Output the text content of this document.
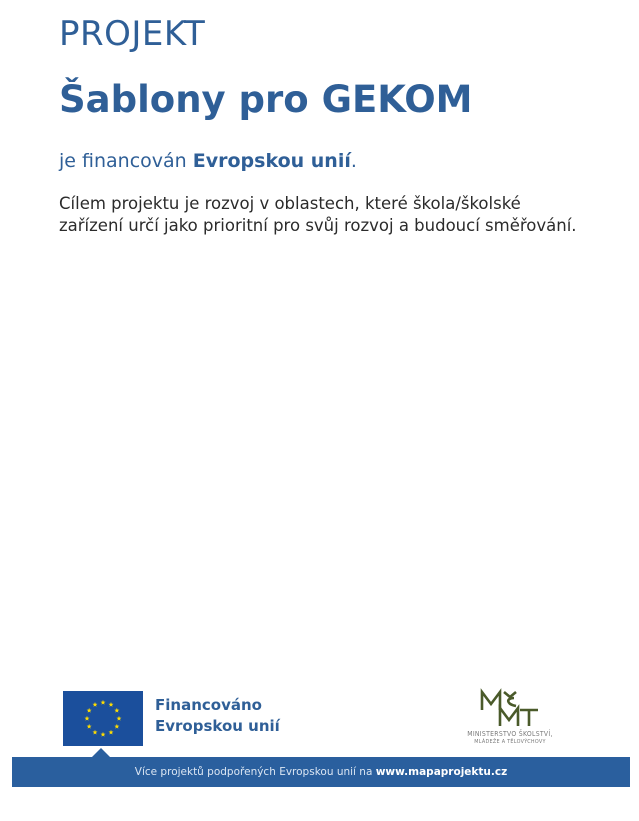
PROJEKT
Šablony pro GEKOM

je financován Evropskou unií.

Cílem projektu je rozvoj v oblastech, které škola/školské
zařízení určí jako prioritní pro svůj rozvoj a budoucí směřování.

Financováno
Evropskou unií	MINISTERSTVO ŠKOLSTVÍ,
MLÁDEŽE A TĚLOVÝCHOVY
Více projektů podpořených Evropskou unií na www.mapaprojektu.cz
